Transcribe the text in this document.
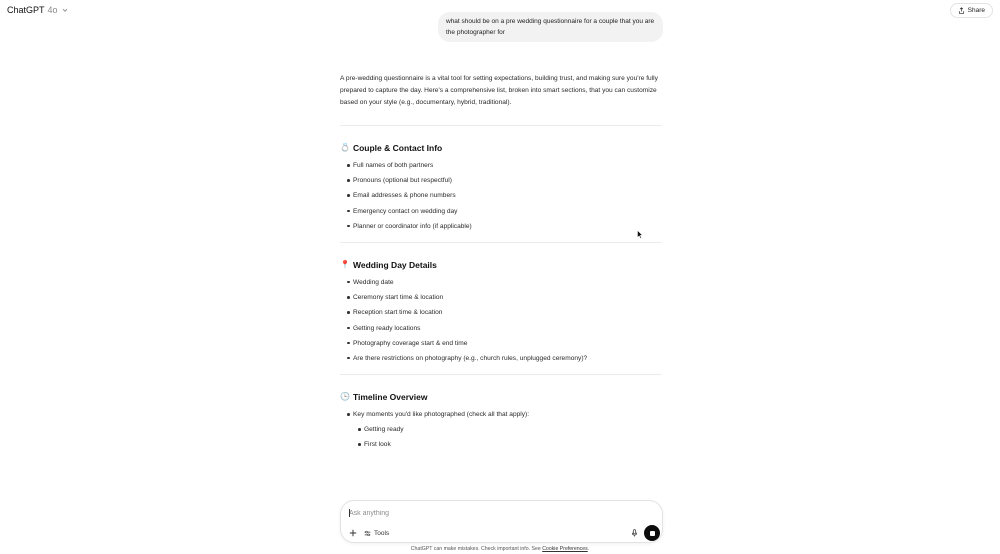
ChatGPT 4o	Share
what should be on a pre wedding questionnaire for a couple that you are the photographer for

A pre-wedding questionnaire is a vital tool for setting expectations, building trust, and making sure you're fully prepared to capture the day. Here's a comprehensive list, broken into smart sections, that you can customize based on your style (e.g., documentary, hybrid, traditional).

💍 Couple & Contact Info
Full names of both partners
Pronouns (optional but respectful)
Email addresses & phone numbers
Emergency contact on wedding day
Planner or coordinator info (if applicable)
📍 Wedding Day Details
Wedding date
Ceremony start time & location
Reception start time & location
Getting ready locations
Photography coverage start & end time
Are there restrictions on photography (e.g., church rules, unplugged ceremony)?
🕒 Timeline Overview
Key moments you'd like photographed (check all that apply):
Getting ready
First look
Ask anything
Tools
ChatGPT can make mistakes. Check important info. See Cookie Preferences.
